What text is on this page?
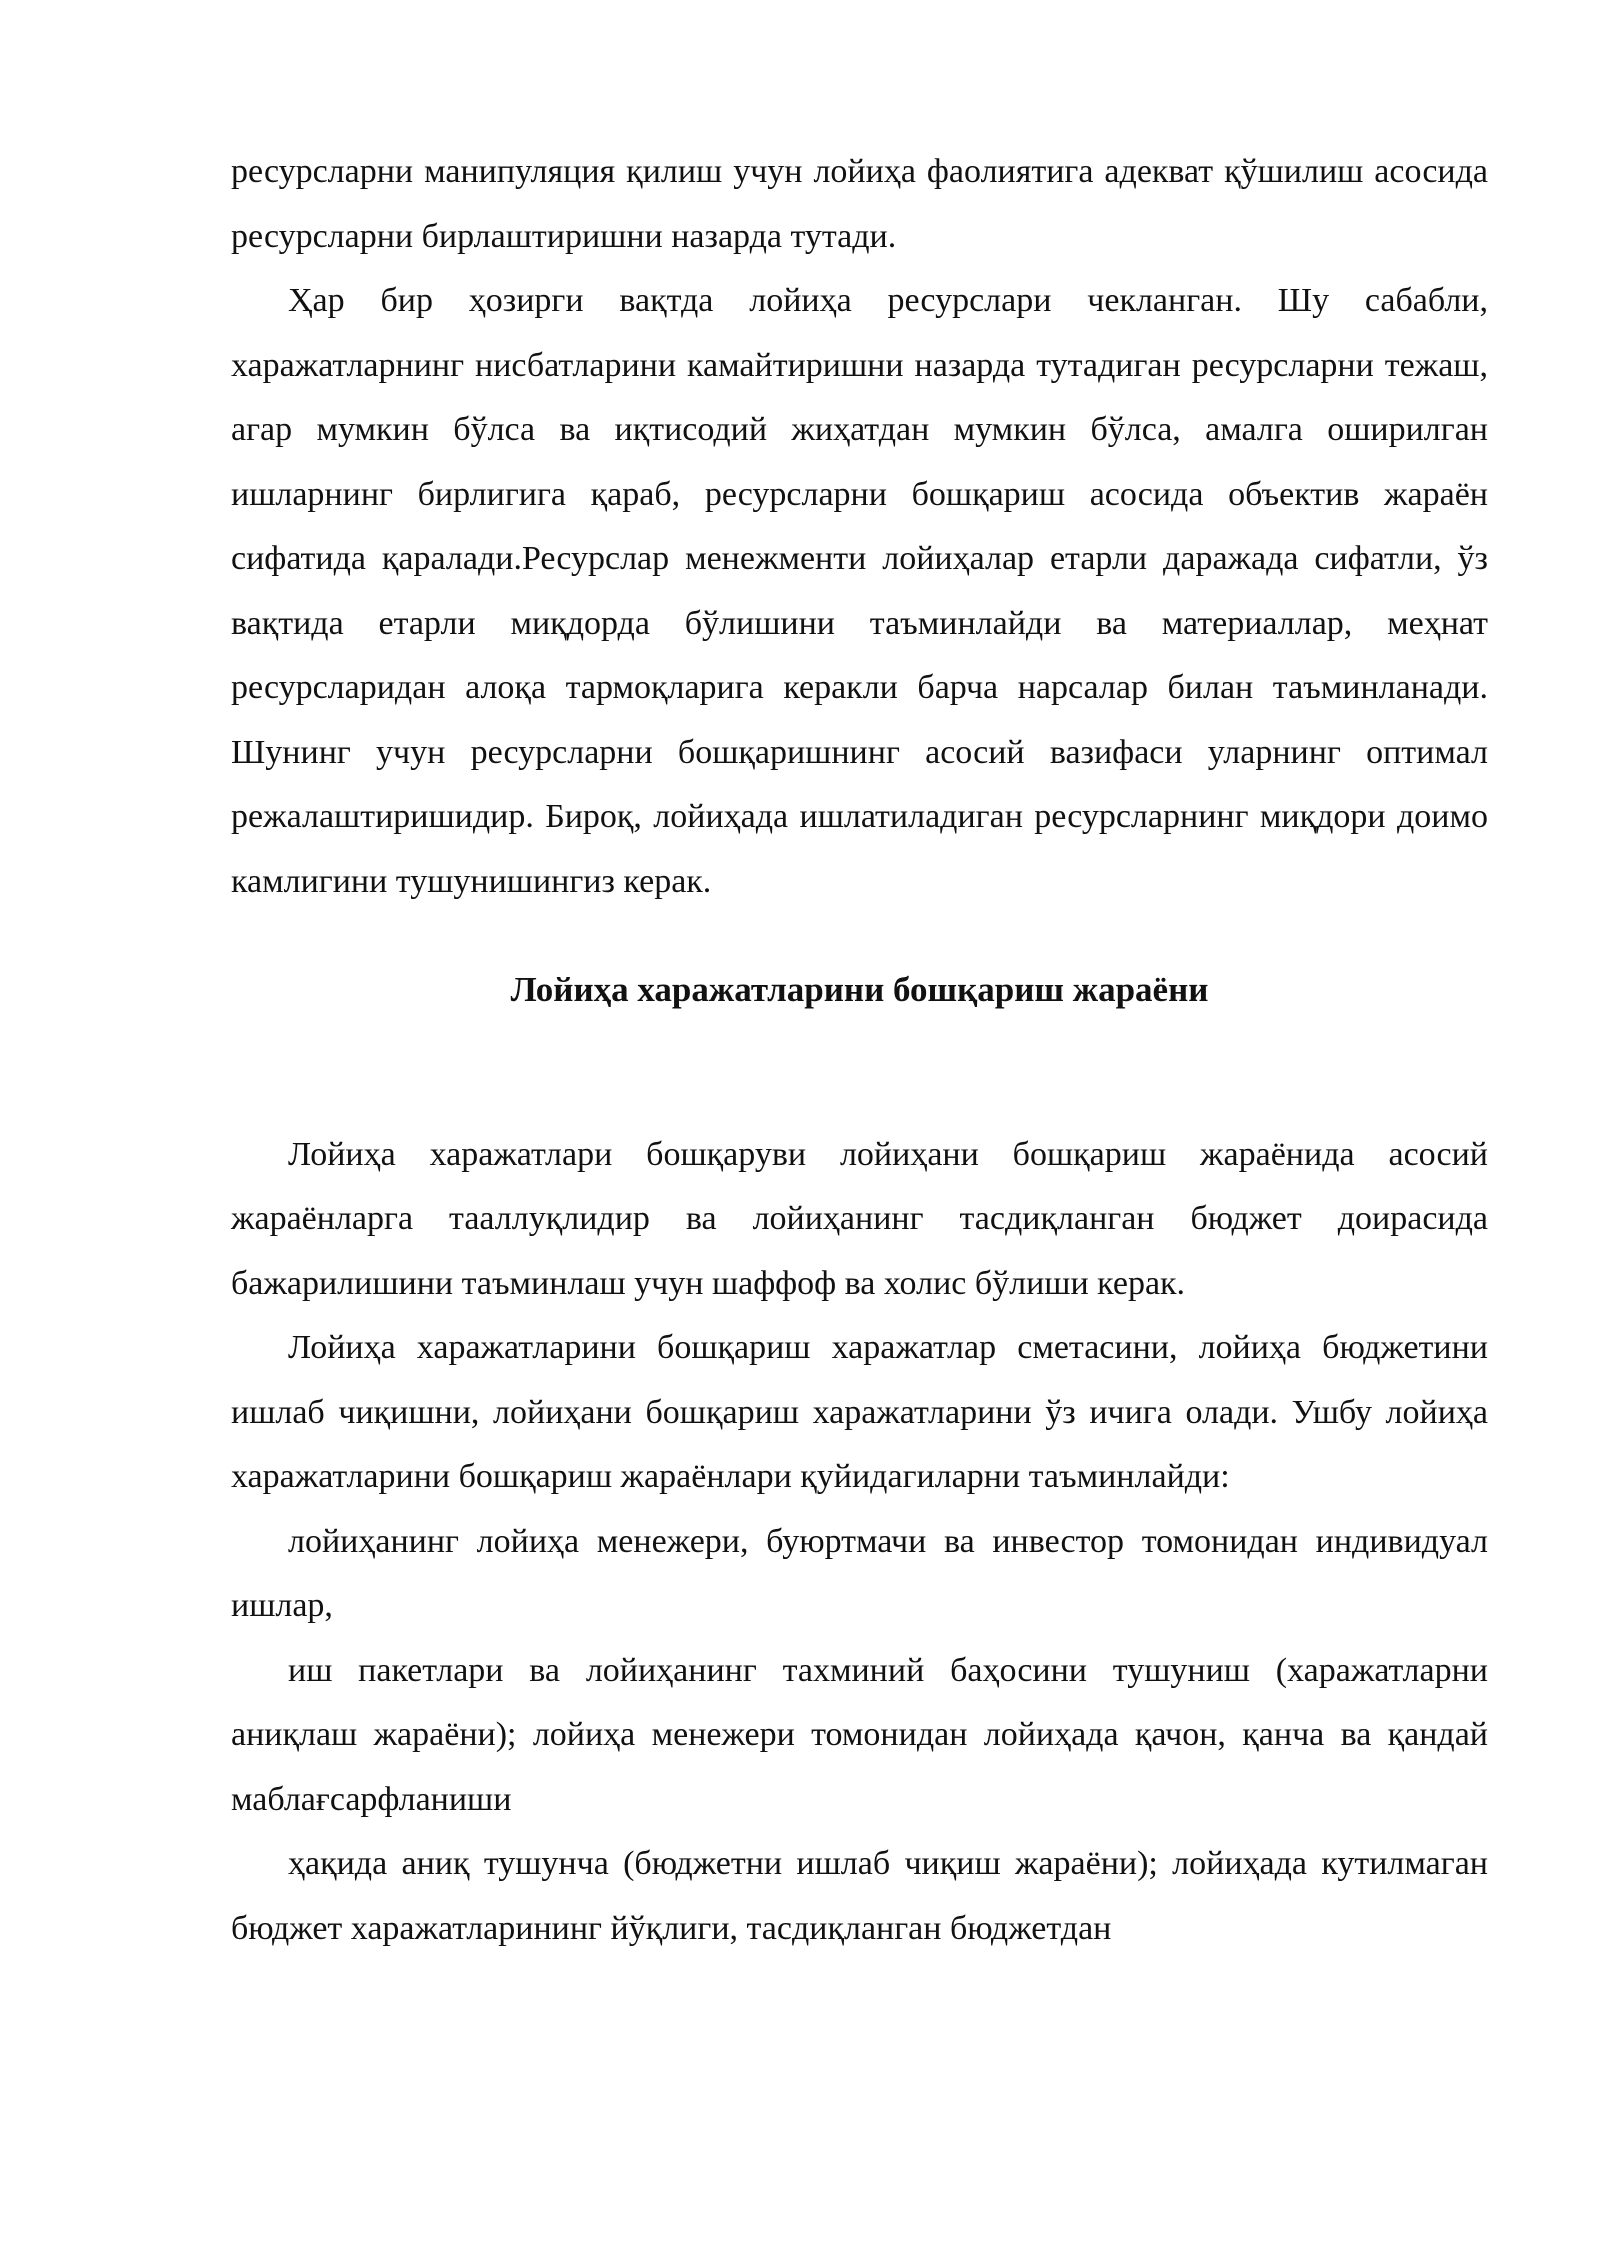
ресурсларни манипуляция қилиш учун лойиҳа фаолиятига адекват қўшилиш асосида ресурсларни бирлаштиришни назарда тутади.

Ҳар бир ҳозирги вақтда лойиҳа ресурслари чекланган. Шу сабабли, харажатларнинг нисбатларини камайтиришни назарда тутадиган ресурсларни тежаш, агар мумкин бўлса ва иқтисодий жиҳатдан мумкин бўлса, амалга оширилган ишларнинг бирлигига қараб, ресурсларни бошқариш асосида объектив жараён сифатида қаралади.Ресурслар менежменти лойиҳалар етарли даражада сифатли, ўз вақтида етарли миқдорда бўлишини таъминлайди ва материаллар, меҳнат ресурсларидан алоқа тармоқларига керакли барча нарсалар билан таъминланади. Шунинг учун ресурсларни бошқаришнинг асосий вазифаси уларнинг оптимал режалаштиришидир. Бироқ, лойиҳада ишлатиладиган ресурсларнинг миқдори доимо камлигини тушунишингиз керак.

Лойиҳа харажатларини бошқариш жараёни

Лойиҳа харажатлари бошқаруви лойиҳани бошқариш жараёнида асосий жараёнларга тааллуқлидир ва лойиҳанинг тасдиқланган бюджет доирасида бажарилишини таъминлаш учун шаффоф ва холис бўлиши керак.

Лойиҳа харажатларини бошқариш харажатлар сметасини, лойиҳа бюджетини ишлаб чиқишни, лойиҳани бошқариш харажатларини ўз ичига олади. Ушбу лойиҳа харажатларини бошқариш жараёнлари қуйидагиларни таъминлайди:

лойиҳанинг лойиҳа менежери, буюртмачи ва инвестор томонидан индивидуал ишлар,

иш пакетлари ва лойиҳанинг тахминий баҳосини тушуниш (харажатларни аниқлаш жараёни); лойиҳа менежери томонидан лойиҳада қачон, қанча ва қандай маблағсарфланиши

ҳақида аниқ тушунча (бюджетни ишлаб чиқиш жараёни); лойиҳада кутилмаган бюджет харажатларининг йўқлиги, тасдиқланган бюджетдан
